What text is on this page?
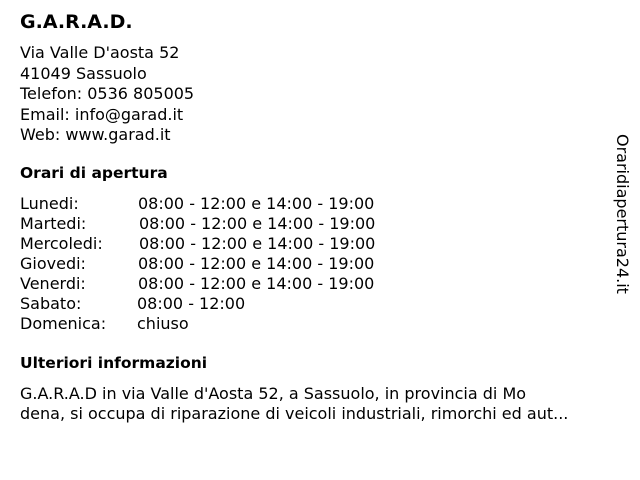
G.A.R.A.D.
Via Valle D'aosta 52
41049 Sassuolo
Telefon: 0536 805005
Email: info@garad.it
Web: www.garad.it
Orari di apertura
Lunedi:	08:00 - 12:00 e 14:00 - 19:00
Martedi:	08:00 - 12:00 e 14:00 - 19:00
Mercoledi: 08:00 - 12:00 e 14:00 - 19:00
Giovedi:	08:00 - 12:00 e 14:00 - 19:00
Venerdi:	08:00 - 12:00 e 14:00 - 19:00
Sabato:	08:00 - 12:00
Domenica: chiuso
Ulteriori informazioni
G.A.R.A.D in via Valle d'Aosta 52, a Sassuolo, in provincia di Mo
dena, si occupa di riparazione di veicoli industriali, rimorchi ed aut...
Oraridiapertura24.it
